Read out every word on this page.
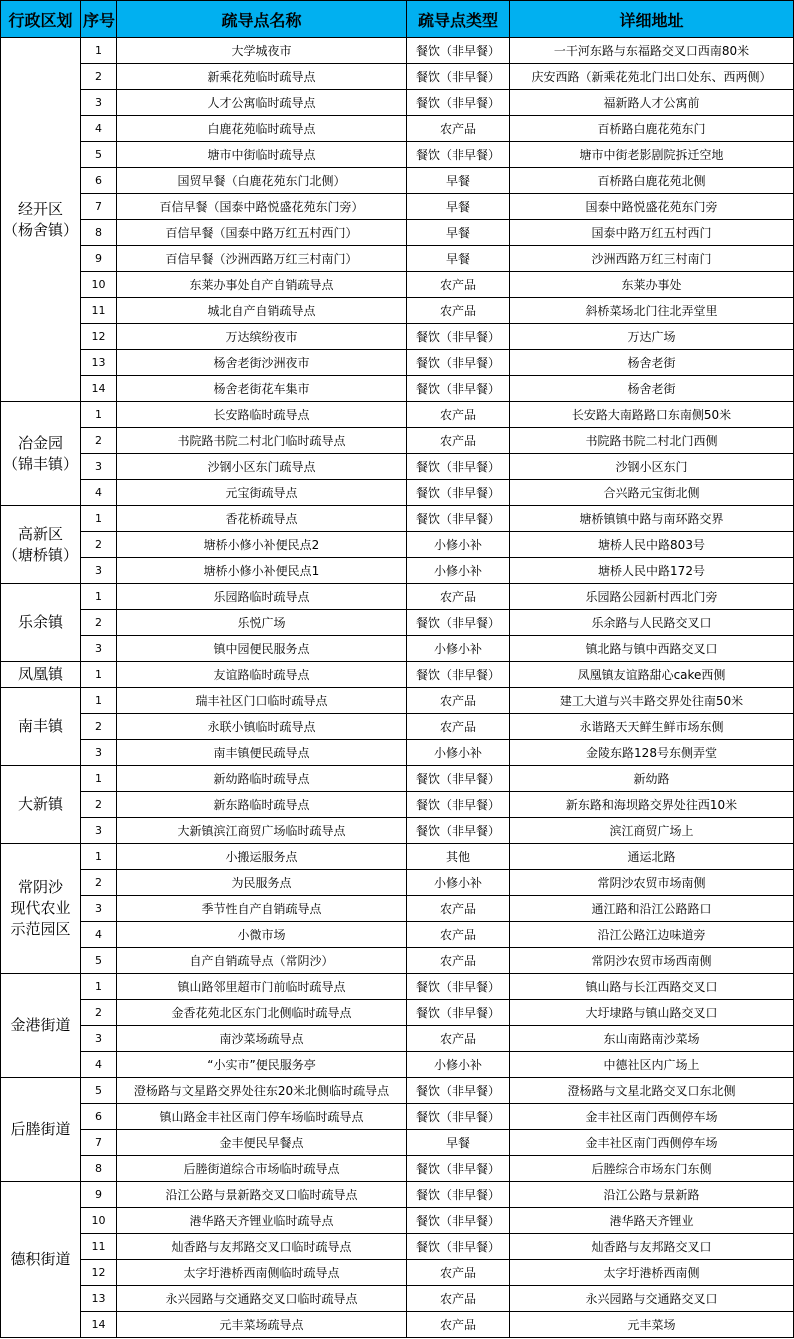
行政区划	序号	疏导点名称	疏导点类型	详细地址
经开区
（杨舍镇）	1	大学城夜市	餐饮（非早餐）	一干河东路与东福路交叉口西南80米
	2	新乘花苑临时疏导点	餐饮（非早餐）	庆安西路（新乘花苑北门出口处东、西两侧）
	3	人才公寓临时疏导点	餐饮（非早餐）	福新路人才公寓前
	4	白鹿花苑临时疏导点	农产品	百桥路白鹿花苑东门
	5	塘市中街临时疏导点	餐饮（非早餐）	塘市中街老影剧院拆迁空地
	6	国贸早餐（白鹿花苑东门北侧）	早餐	百桥路白鹿花苑北侧
	7	百信早餐（国泰中路悦盛花苑东门旁）	早餐	国泰中路悦盛花苑东门旁
	8	百信早餐（国泰中路万红五村西门）	早餐	国泰中路万红五村西门
	9	百信早餐（沙洲西路万红三村南门）	早餐	沙洲西路万红三村南门
	10	东莱办事处自产自销疏导点	农产品	东莱办事处
	11	城北自产自销疏导点	农产品	斜桥菜场北门往北弄堂里
	12	万达缤纷夜市	餐饮（非早餐）	万达广场
	13	杨舍老街沙洲夜市	餐饮（非早餐）	杨舍老街
	14	杨舍老街花车集市	餐饮（非早餐）	杨舍老街
冶金园
（锦丰镇）	1	长安路临时疏导点	农产品	长安路大南路路口东南侧50米
	2	书院路书院二村北门临时疏导点	农产品	书院路书院二村北门西侧
	3	沙钢小区东门疏导点	餐饮（非早餐）	沙钢小区东门
	4	元宝街疏导点	餐饮（非早餐）	合兴路元宝街北侧
高新区
（塘桥镇）	1	香花桥疏导点	餐饮（非早餐）	塘桥镇镇中路与南环路交界
	2	塘桥小修小补便民点2	小修小补	塘桥人民中路803号
	3	塘桥小修小补便民点1	小修小补	塘桥人民中路172号
乐余镇	1	乐园路临时疏导点	农产品	乐园路公园新村西北门旁
	2	乐悦广场	餐饮（非早餐）	乐余路与人民路交叉口
	3	镇中园便民服务点	小修小补	镇北路与镇中西路交叉口
凤凰镇	1	友谊路临时疏导点	餐饮（非早餐）	凤凰镇友谊路甜心cake西侧
南丰镇	1	瑞丰社区门口临时疏导点	农产品	建工大道与兴丰路交界处往南50米
	2	永联小镇临时疏导点	农产品	永谐路天天鲜生鲜市场东侧
	3	南丰镇便民疏导点	小修小补	金陵东路128号东侧弄堂
大新镇	1	新幼路临时疏导点	餐饮（非早餐）	新幼路
	2	新东路临时疏导点	餐饮（非早餐）	新东路和海坝路交界处往西10米
	3	大新镇滨江商贸广场临时疏导点	餐饮（非早餐）	滨江商贸广场上
常阴沙
现代农业
示范园区	1	小搬运服务点	其他	通运北路
	2	为民服务点	小修小补	常阴沙农贸市场南侧
	3	季节性自产自销疏导点	农产品	通江路和沿江公路路口
	4	小微市场	农产品	沿江公路江边味道旁
	5	自产自销疏导点（常阴沙）	农产品	常阴沙农贸市场西南侧
金港街道	1	镇山路邻里超市门前临时疏导点	餐饮（非早餐）	镇山路与长江西路交叉口
	2	金香花苑北区东门北侧临时疏导点	餐饮（非早餐）	大圩埭路与镇山路交叉口
	3	南沙菜场疏导点	农产品	东山南路南沙菜场
	4	“小实市”便民服务亭	小修小补	中德社区内广场上
后塍街道	5	澄杨路与文星路交界处往东20米北侧临时疏导点	餐饮（非早餐）	澄杨路与文星北路交叉口东北侧
	6	镇山路金丰社区南门停车场临时疏导点	餐饮（非早餐）	金丰社区南门西侧停车场
	7	金丰便民早餐点	早餐	金丰社区南门西侧停车场
	8	后塍街道综合市场临时疏导点	餐饮（非早餐）	后塍综合市场东门东侧
德积街道	9	沿江公路与景新路交叉口临时疏导点	餐饮（非早餐）	沿江公路与景新路
	10	港华路天齐锂业临时疏导点	餐饮（非早餐）	港华路天齐锂业
	11	灿香路与友邦路交叉口临时疏导点	餐饮（非早餐）	灿香路与友邦路交叉口
	12	太字圩港桥西南侧临时疏导点	农产品	太字圩港桥西南侧
	13	永兴园路与交通路交叉口临时疏导点	农产品	永兴园路与交通路交叉口
	14	元丰菜场疏导点	农产品	元丰菜场
